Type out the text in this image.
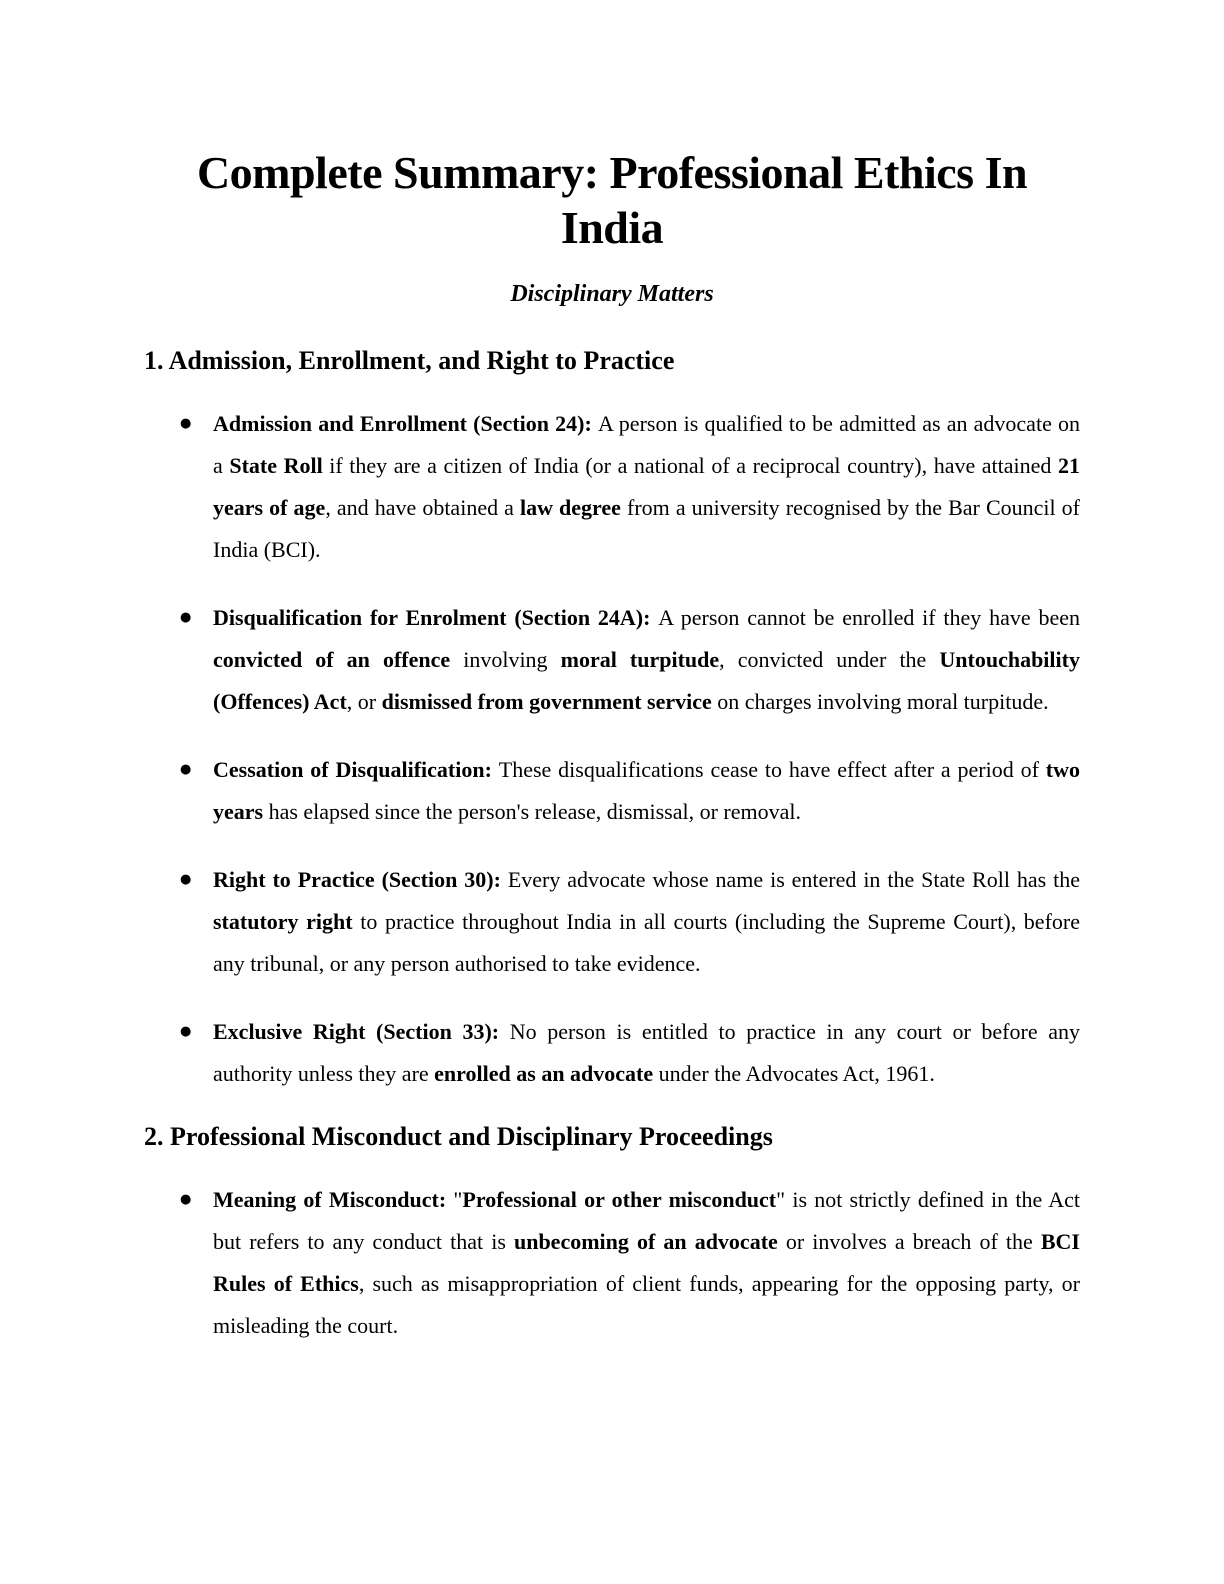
Complete Summary: Professional Ethics In India
Disciplinary Matters
1. Admission, Enrollment, and Right to Practice
● Admission and Enrollment (Section 24): A person is qualified to be admitted as an advocate on a State Roll if they are a citizen of India (or a national of a reciprocal country), have attained 21 years of age, and have obtained a law degree from a university recognised by the Bar Council of India (BCI).
● Disqualification for Enrolment (Section 24A): A person cannot be enrolled if they have been convicted of an offence involving moral turpitude, convicted under the Untouchability (Offences) Act, or dismissed from government service on charges involving moral turpitude.
● Cessation of Disqualification: These disqualifications cease to have effect after a period of two years has elapsed since the person's release, dismissal, or removal.
● Right to Practice (Section 30): Every advocate whose name is entered in the State Roll has the statutory right to practice throughout India in all courts (including the Supreme Court), before any tribunal, or any person authorised to take evidence.
● Exclusive Right (Section 33): No person is entitled to practice in any court or before any authority unless they are enrolled as an advocate under the Advocates Act, 1961.
2. Professional Misconduct and Disciplinary Proceedings
● Meaning of Misconduct: "Professional or other misconduct" is not strictly defined in the Act but refers to any conduct that is unbecoming of an advocate or involves a breach of the BCI Rules of Ethics, such as misappropriation of client funds, appearing for the opposing party, or misleading the court.
